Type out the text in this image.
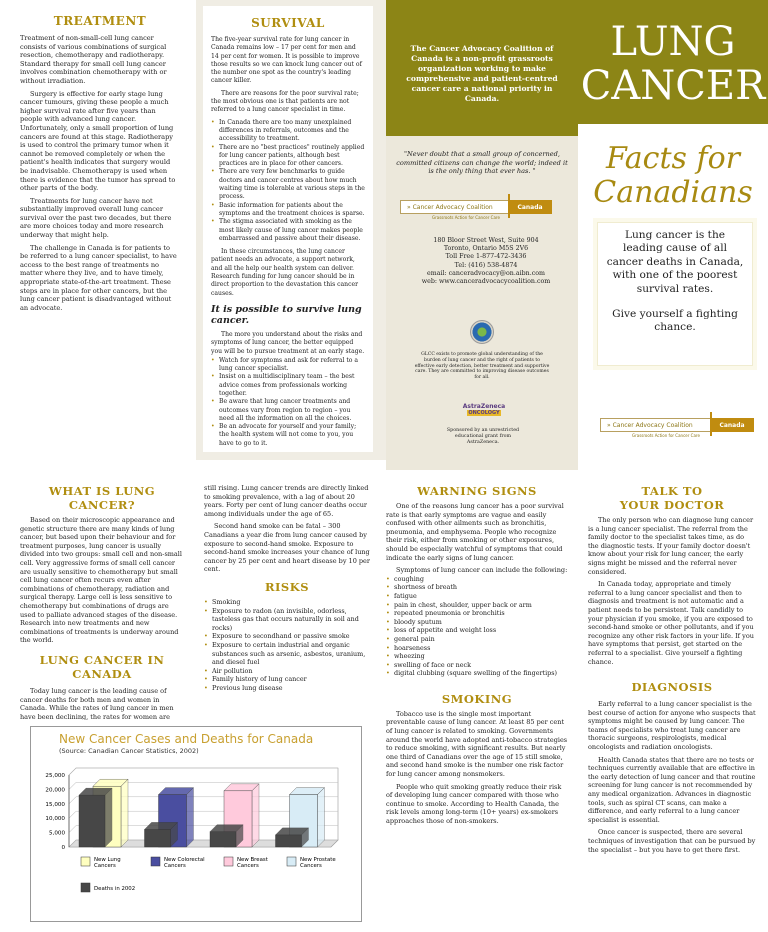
TREATMENT

Treatment of non-small-cell lung cancer consists of various combinations of surgical resection, chemotherapy and radiotherapy. Standard therapy for small cell lung cancer involves combination chemotherapy with or without irradiation.

Surgery is effective for early stage lung cancer tumours, giving these people a much higher survival rate after five years than people with advanced lung cancer. Unfortunately, only a small proportion of lung cancers are found at this stage. Radiotherapy is used to control the primary tumor when it cannot be removed completely or when the patient's health indicates that surgery would be inadvisable. Chemotherapy is used when there is evidence that the tumor has spread to other parts of the body.

Treatments for lung cancer have not substantially improved overall lung cancer survival over the past two decades, but there are more choices today and more research underway that might help.

The challenge in Canada is for patients to be referred to a lung cancer specialist, to have access to the best range of treatments no matter where they live, and to have timely, appropriate state-of-the-art treatment. These steps are in place for other cancers, but the lung cancer patient is disadvantaged without an advocate.

SURVIVAL

The five-year survival rate for lung cancer in Canada remains low – 17 per cent for men and 14 per cent for women. It is possible to improve those results so we can knock lung cancer out of the number one spot as the country's leading cancer killer.

There are reasons for the poor survival rate; the most obvious one is that patients are not referred to a lung cancer specialist in time.

• In Canada there are too many unexplained differences in referrals, outcomes and the accessibility to treatment.
• There are no "best practices" routinely applied for lung cancer patients, although best practices are in place for other cancers.
• There are very few benchmarks to guide doctors and cancer centres about how much waiting time is tolerable at various steps in the process.
• Basic information for patients about the symptoms and the treatment choices is sparse.
• The stigma associated with smoking as the most likely cause of lung cancer makes people embarrassed and passive about their disease.

In these circumstances, the lung cancer patient needs an advocate, a support network, and all the help our health system can deliver. Research funding for lung cancer should be in direct proportion to the devastation this cancer causes.

It is possible to survive lung cancer.

The more you understand about the risks and symptoms of lung cancer, the better equipped you will be to pursue treatment at an early stage.

• Watch for symptoms and ask for referral to a lung cancer specialist.
• Insist on a multidisciplinary team – the best advice comes from professionals working together.
• Be aware that lung cancer treatments and outcomes vary from region to region – you need all the information on all the choices.
• Be an advocate for yourself and your family; the health system will not come to you, you have to go to it.
The Cancer Advocacy Coalition of Canada is a non-profit grassroots organization working to make comprehensive and patient-centred cancer care a national priority in Canada.
"Never doubt that a small group of concerned, committed citizens can change the world; indeed it is the only thing that ever has. "
» Cancer Advocacy Coalition	Canada
Grassroots Action for Cancer Care
180 Bloor Street West, Suite 904
Toronto, Ontario M5S 2V6
Toll Free 1-877-472-3436
Tel: (416) 538-4874
email: canceradvocacy@on.aibn.com
web: www.canceradvocacycoalition.com
GLCC exists to promote global understanding of the burden of lung cancer and the right of patients to effective early detection, better treatment and supportive care. They are committed to improving disease outcomes for all.
AstraZeneca
ONCOLOGY
Sponsored by an unrestricted educational grant from AstraZeneca.
LUNG
CANCER
Facts for
Canadians
Lung cancer is the leading cause of all cancer deaths in Canada, with one of the poorest survival rates.
Give yourself a fighting chance.
» Cancer Advocacy Coalition	Canada
Grassroots Action for Cancer Care
WHAT IS LUNG CANCER?

Based on their microscopic appearance and genetic structure there are many kinds of lung cancer, but based upon their behaviour and for treatment purposes, lung cancer is usually divided into two groups: small cell and non-small cell. Very aggressive forms of small cell cancer are usually sensitive to chemotherapy but small cell lung cancer often recurs even after combinations of chemotherapy, radiation and surgical therapy. Large cell is less sensitive to chemotherapy but combinations of drugs are used to palliate advanced stages of the disease. Research into new treatments and new combinations of treatments is underway around the world.

LUNG CANCER IN
CANADA

Today lung cancer is the leading cause of cancer deaths for both men and women in Canada. While the rates of lung cancer in men have been declining, the rates for women are

still rising. Lung cancer trends are directly linked to smoking prevalence, with a lag of about 20 years. Forty per cent of lung cancer deaths occur among individuals under the age of 65.

Second hand smoke can be fatal – 300 Canadians a year die from lung cancer caused by exposure to second-hand smoke. Exposure to second-hand smoke increases your chance of lung cancer by 25 per cent and heart disease by 10 per cent.

RISKS
• Smoking
• Exposure to radon (an invisible, odorless, tasteless gas that occurs naturally in soil and rocks)
• Exposure to secondhand or passive smoke
• Exposure to certain industrial and organic substances such as arsenic, asbestos, uranium, and diesel fuel
• Air pollution
• Family history of lung cancer
• Previous lung disease
WARNING SIGNS

One of the reasons lung cancer has a poor survival rate is that early symptoms are vague and easily confused with other ailments such as bronchitis, pneumonia, and emphysema. People who recognize their risk, either from smoking or other exposures, should be especially watchful of symptoms that could indicate the early signs of lung cancer.

Symptoms of lung cancer can include the following:

• coughing
• shortness of breath
• fatigue
• pain in chest, shoulder, upper back or arm
• repeated pneumonia or bronchitis
• bloody sputum
• loss of appetite and weight loss
• general pain
• hoarseness
• wheezing
• swelling of face or neck
• digital clubbing (square swelling of the fingertips)
SMOKING

Tobacco use is the single most important preventable cause of lung cancer. At least 85 per cent of lung cancer is related to smoking. Governments around the world have adopted anti-tobacco strategies to reduce smoking, with significant results. But nearly one third of Canadians over the age of 15 still smoke, and second hand smoke is the number one risk factor for lung cancer among nonsmokers.

People who quit smoking greatly reduce their risk of developing lung cancer compared with those who continue to smoke. According to Health Canada, the risk levels among long-term (10+ years) ex-smokers approaches those of non-smokers.

TALK TO
YOUR DOCTOR

The only person who can diagnose lung cancer is a lung cancer specialist. The referral from the family doctor to the specialist takes time, as do the diagnostic tests. If your family doctor doesn't know about your risk for lung cancer, the early signs might be missed and the referral never considered.

In Canada today, appropriate and timely referral to a lung cancer specialist and then to diagnosis and treatment is not automatic and a patient needs to be persistent. Talk candidly to your physician if you smoke, if you are exposed to second-hand smoke or other pollutants, and if you recognize any other risk factors in your life. If you have symptoms that persist, get started on the referral to a specialist. Give yourself a fighting chance.

DIAGNOSIS

Early referral to a lung cancer specialist is the best course of action for anyone who suspects that symptoms might be caused by lung cancer. The teams of specialists who treat lung cancer are thoracic surgeons, respirologists, medical oncologists and radiation oncologists.

Health Canada states that there are no tests or techniques currently available that are effective in the early detection of lung cancer and that routine screening for lung cancer is not recommended by any medical organization. Advances in diagnostic tools, such as spiral CT scans, can make a difference, and early referral to a lung cancer specialist is essential.

Once cancer is suspected, there are several techniques of investigation that can be pursued by the specialist – but you have to get there first.

New Cancer Cases and Deaths for Canada
(Source: Canadian Cancer Statistics, 2002)
0
5,000
10,000
15,000
20,000
25,000
New Lung
Cancers
New Colorectal
Cancers
New Breast
Cancers
New Prostate
Cancers
Deaths in 2002
